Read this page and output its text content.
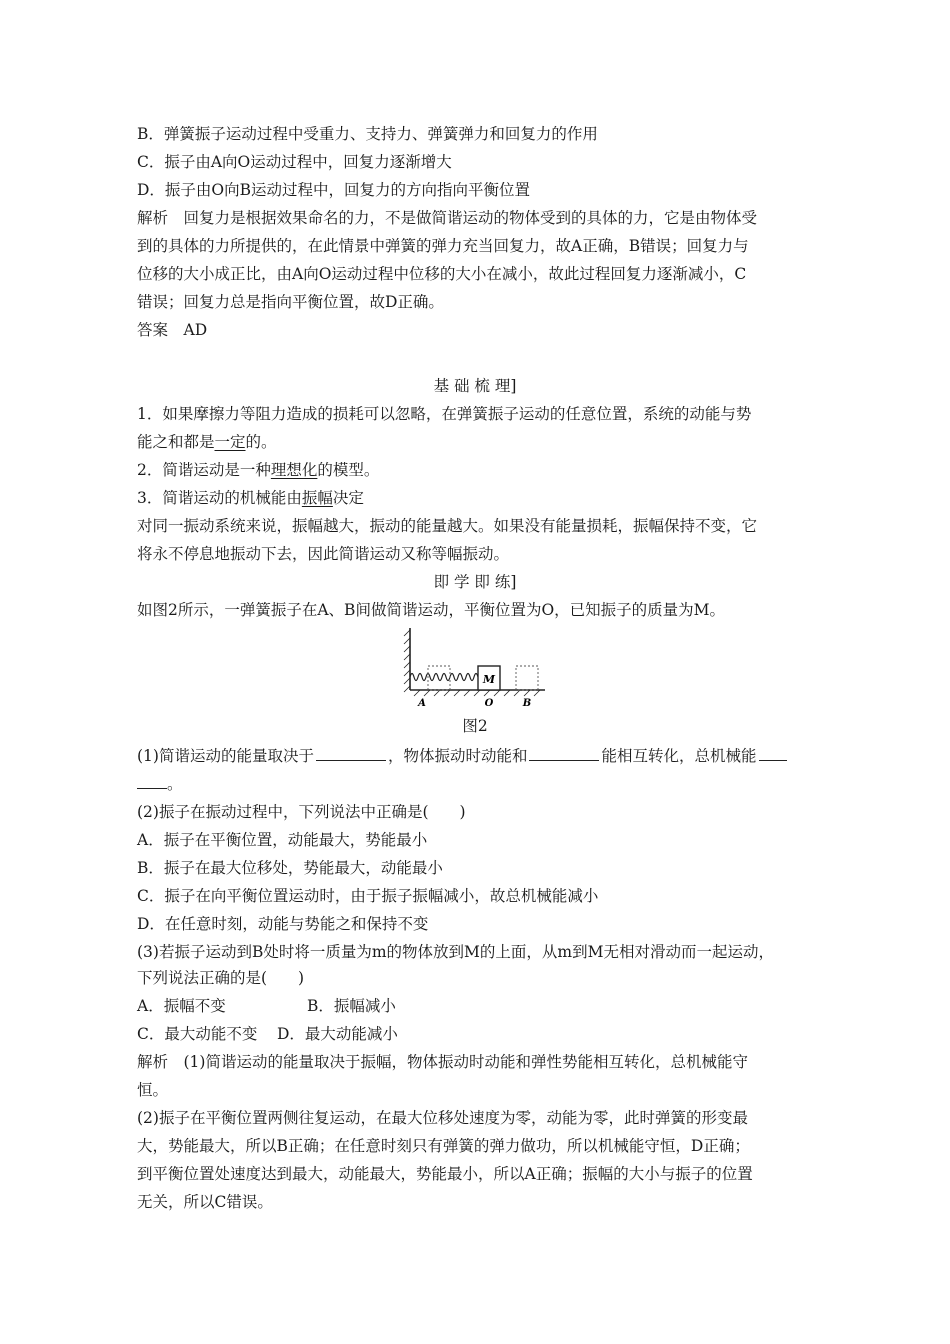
B．弹簧振子运动过程中受重力、支持力、弹簧弹力和回复力的作用
C．振子由A向O运动过程中，回复力逐渐增大
D．振子由O向B运动过程中，回复力的方向指向平衡位置
解析　回复力是根据效果命名的力，不是做简谐运动的物体受到的具体的力，它是由物体受
到的具体的力所提供的，在此情景中弹簧的弹力充当回复力，故A正确，B错误；回复力与
位移的大小成正比，由A向O运动过程中位移的大小在减小，故此过程回复力逐渐减小，C
错误；回复力总是指向平衡位置，故D正确。
答案　AD
基 础 梳 理]
1．如果摩擦力等阻力造成的损耗可以忽略，在弹簧振子运动的任意位置，系统的动能与势
能之和都是一定的。
2．简谐运动是一种理想化的模型。
3．简谐运动的机械能由振幅决定
对同一振动系统来说，振幅越大，振动的能量越大。如果没有能量损耗，振幅保持不变，它
将永不停息地振动下去，因此简谐运动又称等幅振动。
即 学 即 练]
如图2所示，一弹簧振子在A、B间做简谐运动，平衡位置为O，已知振子的质量为M。
M
A	O	B
图2
(1)简谐运动的能量取决于	，物体振动时动能和	能相互转化，总机械能
。
(2)振子在振动过程中，下列说法中正确是(　　)
A．振子在平衡位置，动能最大，势能最小
B．振子在最大位移处，势能最大，动能最小
C．振子在向平衡位置运动时，由于振子振幅减小，故总机械能减小
D．在任意时刻，动能与势能之和保持不变
(3)若振子运动到B处时将一质量为m的物体放到M的上面，从m到M无相对滑动而一起运动，
下列说法正确的是(　　)
A．振幅不变	B．振幅减小
C．最大动能不变 D．最大动能减小
解析　(1)简谐运动的能量取决于振幅，物体振动时动能和弹性势能相互转化，总机械能守
恒。
(2)振子在平衡位置两侧往复运动，在最大位移处速度为零，动能为零，此时弹簧的形变最
大，势能最大，所以B正确；在任意时刻只有弹簧的弹力做功，所以机械能守恒，D正确；
到平衡位置处速度达到最大，动能最大，势能最小，所以A正确；振幅的大小与振子的位置
无关，所以C错误。
